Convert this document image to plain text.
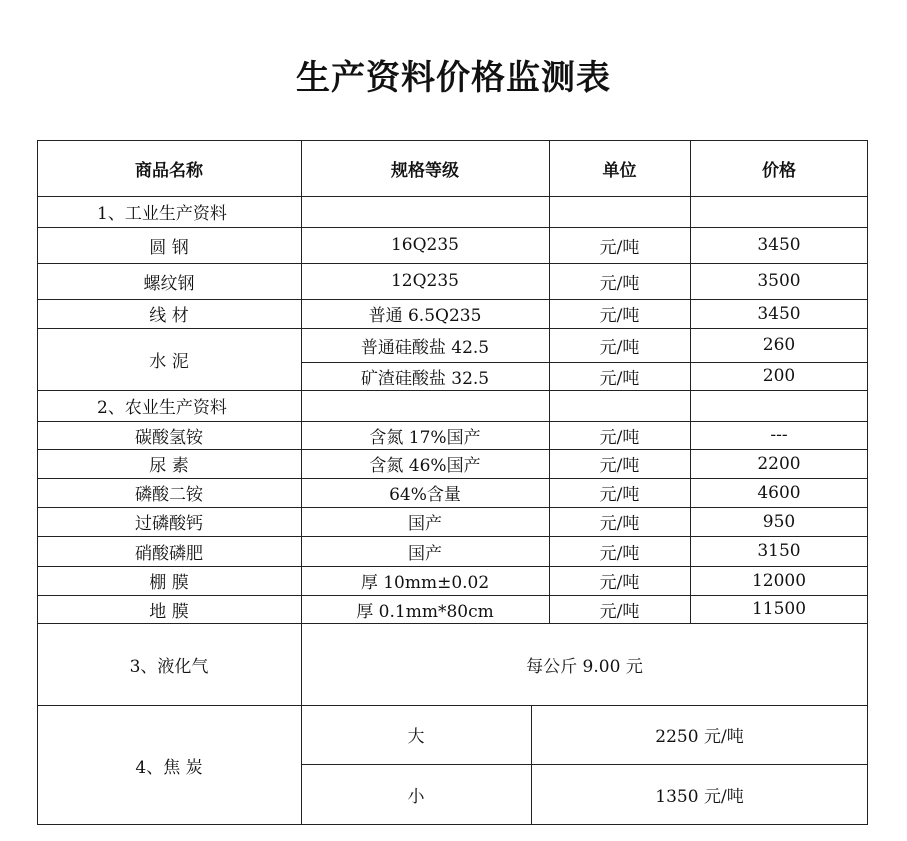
生产资料价格监测表
商品名称	规格等级	单位	价格
1、工业生产资料
圆 钢	16Q235	元/吨	3450
螺纹钢	12Q235	元/吨	3500
线 材	普通 6.5Q235	元/吨	3450
水 泥
普通硅酸盐 42.5	元/吨	260
矿渣硅酸盐 32.5	元/吨	200
2、农业生产资料
碳酸氢铵	含氮 17%国产	元/吨	---
尿 素	含氮 46%国产	元/吨	2200
磷酸二铵	64%含量	元/吨	4600
过磷酸钙	国产	元/吨	950
硝酸磷肥	国产	元/吨	3150
棚 膜	厚 10mm±0.02	元/吨	12000
地 膜	厚 0.1mm*80cm	元/吨	11500
3、液化气	每公斤 9.00 元
4、焦 炭
大	2250 元/吨
小	1350 元/吨
